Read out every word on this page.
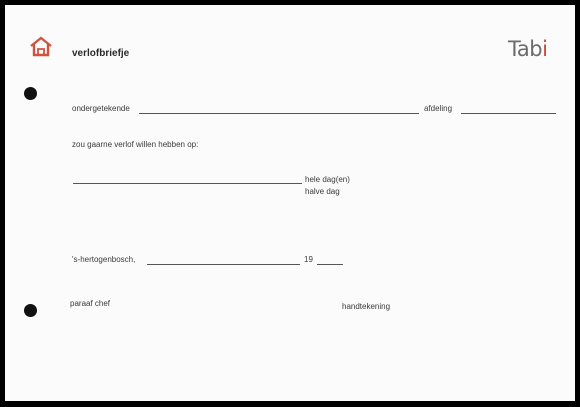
verlofbriefje	Tabi
ondergetekende	afdeling
zou gaarne verlof willen hebben op:
hele dag(en)
halve dag
's-hertogenbosch,	19
paraaf chef	handtekening
